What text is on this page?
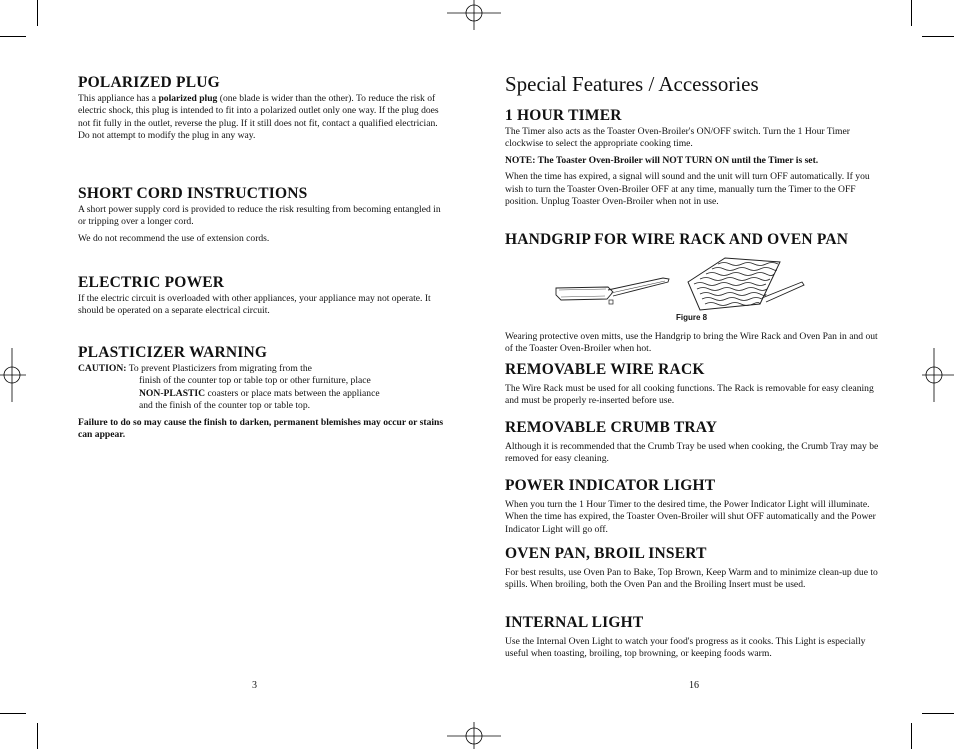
POLARIZED PLUG

This appliance has a polarized plug (one blade is wider than the other). To reduce the risk of electric shock, this plug is intended to fit into a polarized outlet only one way. If the plug does not fit fully in the outlet, reverse the plug. If it still does not fit, contact a qualified electrician. Do not attempt to modify the plug in any way.

SHORT CORD INSTRUCTIONS

A short power supply cord is provided to reduce the risk resulting from becoming entangled in or tripping over a longer cord.

We do not recommend the use of extension cords.

ELECTRIC POWER

If the electric circuit is overloaded with other appliances, your appliance may not operate. It should be operated on a separate electrical circuit.

PLASTICIZER WARNING
CAUTION: To prevent Plasticizers from migrating from the
finish of the counter top or table top or other furniture, place
NON-PLASTIC coasters or place mats between the appliance
and the finish of the counter top or table top.

Failure to do so may cause the finish to darken, permanent blemishes may occur or stains can appear.

3
Special Features / Accessories
1 HOUR TIMER

The Timer also acts as the Toaster Oven-Broiler's ON/OFF switch. Turn the 1 Hour Timer clockwise to select the appropriate cooking time.

NOTE: The Toaster Oven-Broiler will NOT TURN ON until the Timer is set.

When the time has expired, a signal will sound and the unit will turn OFF automatically. If you wish to turn the Toaster Oven-Broiler OFF at any time, manually turn the Timer to the OFF position. Unplug Toaster Oven-Broiler when not in use.

HANDGRIP FOR WIRE RACK AND OVEN PAN
Figure 8

Wearing protective oven mitts, use the Handgrip to bring the Wire Rack and Oven Pan in and out of the Toaster Oven-Broiler when hot.

REMOVABLE WIRE RACK

The Wire Rack must be used for all cooking functions. The Rack is removable for easy cleaning and must be properly re-inserted before use.

REMOVABLE CRUMB TRAY

Although it is recommended that the Crumb Tray be used when cooking, the Crumb Tray may be removed for easy cleaning.

POWER INDICATOR LIGHT

When you turn the 1 Hour Timer to the desired time, the Power Indicator Light will illuminate. When the time has expired, the Toaster Oven-Broiler will shut OFF automatically and the Power Indicator Light will go off.

OVEN PAN, BROIL INSERT

For best results, use Oven Pan to Bake, Top Brown, Keep Warm and to minimize clean-up due to spills. When broiling, both the Oven Pan and the Broiling Insert must be used.

INTERNAL LIGHT

Use the Internal Oven Light to watch your food's progress as it cooks. This Light is especially useful when toasting, broiling, top browning, or keeping foods warm.

16
